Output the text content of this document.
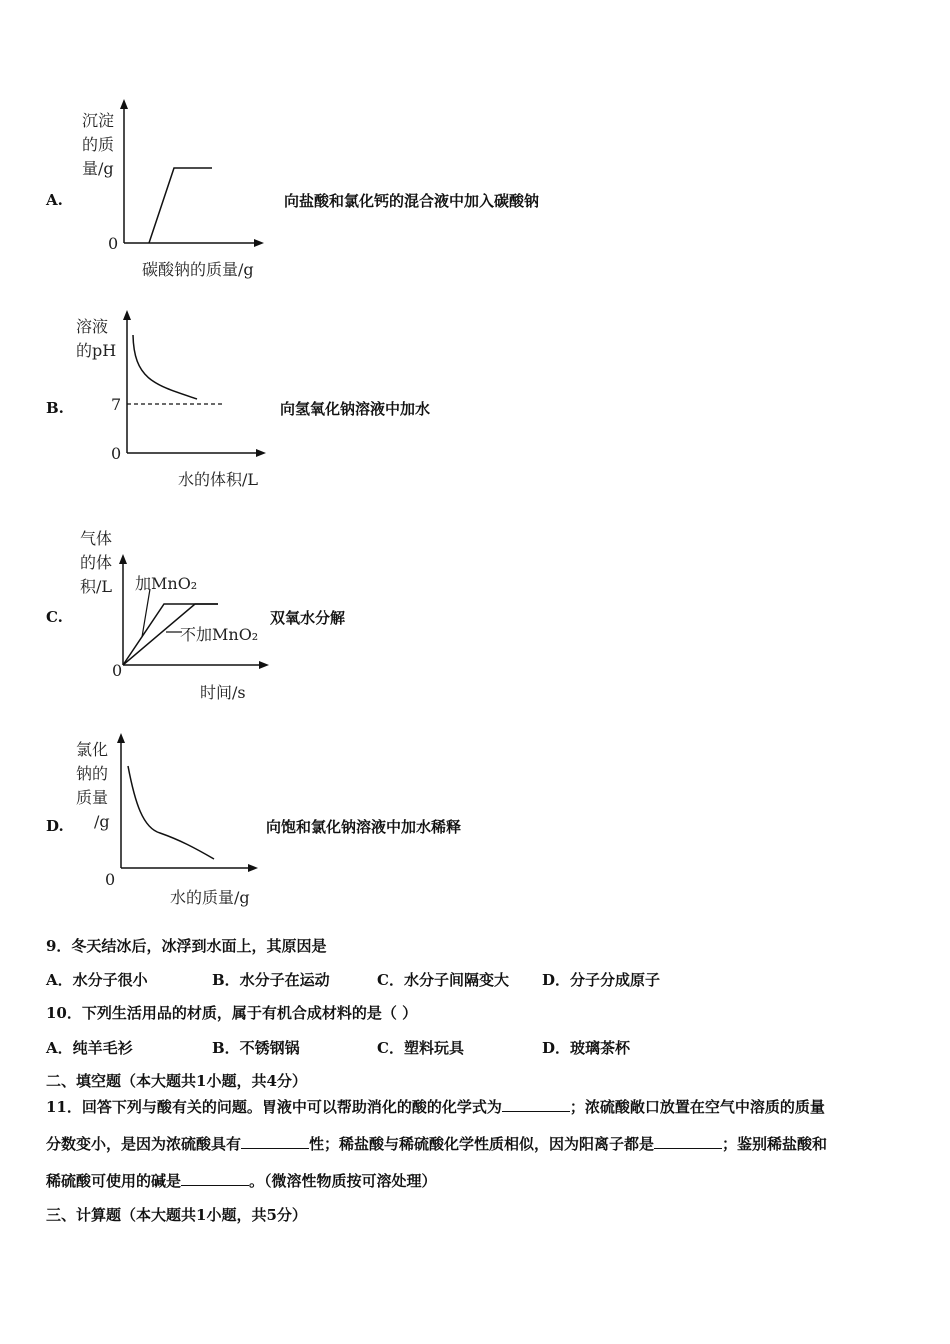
A.
沉淀
的质
量/g
0
碳酸钠的质量/g
向盐酸和氯化钙的混合液中加入碳酸钠
B.
溶液
的pH
7
0
水的体积/L
向氢氧化钠溶液中加水
C.
气体
的体
积/L	加MnO₂
不加MnO₂
0
时间/s
双氧水分解
D.
氯化
钠的
质量
/g
0
水的质量/g
向饱和氯化钠溶液中加水稀释
9．冬天结冰后，冰浮到水面上，其原因是
A．水分子很小	B．水分子在运动	C．水分子间隔变大 D．分子分成原子
10．下列生活用品的材质，属于有机合成材料的是（ ）
A．纯羊毛衫	B．不锈钢锅	C．塑料玩具	D．玻璃茶杯
二、填空题（本大题共1小题，共4分）
11．回答下列与酸有关的问题。胃液中可以帮助消化的酸的化学式为	；浓硫酸敞口放置在空气中溶质的质量
分数变小，是因为浓硫酸具有	性；稀盐酸与稀硫酸化学性质相似，因为阳离子都是	；鉴别稀盐酸和
稀硫酸可使用的碱是	。（微溶性物质按可溶处理）
三、计算题（本大题共1小题，共5分）
